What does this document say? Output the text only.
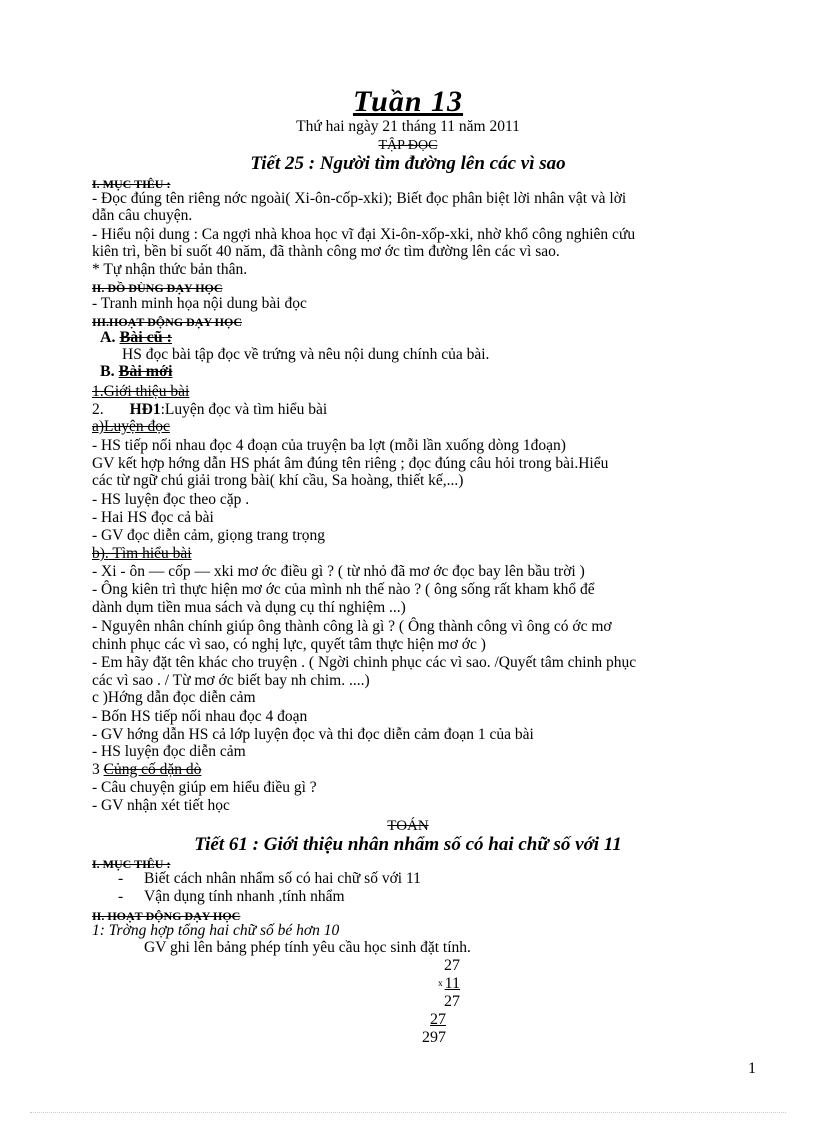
Tuần 13
Thứ hai ngày 21 tháng 11 năm 2011
TẬP ĐỌC
Tiết 25 : Người tìm đường lên các vì sao
I. MỤC TIÊU :
- Đọc đúng tên riêng nớc ngoài( Xi-ôn-cốp-xki); Biết đọc phân biệt lời nhân vật và lời
dẫn câu chuyện.
- Hiểu nội dung : Ca ngợi nhà khoa học vĩ đại Xi-ôn-xốp-xki, nhờ khổ công nghiên cứu
kiên trì, bền bỉ suốt 40 năm, đã thành công mơ ớc tìm đường lên các vì sao.
* Tự nhận thức bản thân.
II. ĐỒ DÙNG DẠY HỌC
- Tranh minh họa nội dung bài đọc
III.HOẠT ĐỘNG DẠY HỌC
A. Bài cũ :
HS đọc bài tập đọc về trứng và nêu nội dung chính của bài.
B. Bài mới
1.Giới thiệu bài
2. HĐ1:Luyện đọc và tìm hiểu bài
a)Luyện đọc
- HS tiếp nối nhau đọc 4 đoạn của truyện ba lợt (mỗi lần xuống dòng 1đoạn)
GV kết hợp hớng dẫn HS phát âm đúng tên riêng ; đọc đúng câu hỏi trong bài.Hiểu
các từ ngữ chú giải trong bài( khí cầu, Sa hoàng, thiết kế,...)
- HS luyện đọc theo cặp .
- Hai HS đọc cả bài
- GV đọc diễn cảm, giọng trang trọng
b). Tìm hiểu bài
- Xi - ôn — cốp — xki mơ ớc điều gì ? ( từ nhỏ đã mơ ớc đọc bay lên bầu trời )
- Ông kiên trì thực hiện mơ ớc của mình nh thế nào ? ( ông sống rất kham khổ để
dành dụm tiền mua sách và dụng cụ thí nghiệm ...)
- Nguyên nhân chính giúp ông thành công là gì ? ( Ông thành công vì ông có ớc mơ
chinh phục các vì sao, có nghị lực, quyết tâm thực hiện mơ ớc )
- Em hãy đặt tên khác cho truyện . ( Ngời chinh phục các vì sao. /Quyết tâm chinh phục
các vì sao . / Từ mơ ớc biết bay nh chim. ....)
c )Hớng dẫn đọc diễn cảm
- Bốn HS tiếp nối nhau đọc 4 đoạn
- GV hớng dẫn HS cả lớp luyện đọc và thi đọc diễn cảm đoạn 1 của bài
- HS luyện đọc diễn cảm
3 Củng cố dặn dò
- Câu chuyện giúp em hiểu điều gì ?
- GV nhận xét tiết học
TOÁN
Tiết 61 : Giới thiệu nhân nhẩm số có hai chữ số với 11
I. MỤC TIÊU :
- Biết cách nhân nhẩm số có hai chữ số với 11
- Vận dụng tính nhanh ,tính nhẩm
II. HOẠT ĐỘNG DẠY HỌC
1: Trờng hợp tổng hai chữ số bé hơn 10
GV ghi lên bảng phép tính yêu cầu học sinh đặt tính.
27
$^x$ 11
27
27
297
1
